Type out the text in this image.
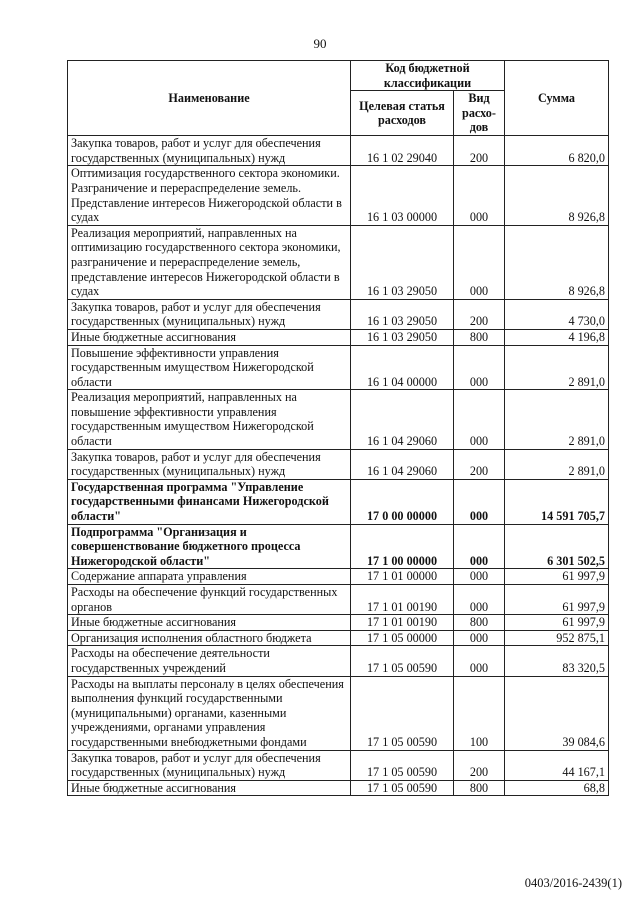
90
Наименование	Код бюджетной классификации		Сумма
	Целевая статья расходов	Вид расхо-дов	
Закупка товаров, работ и услуг для обеспечения государственных (муниципальных) нужд	16 1 02 29040	200	6 820,0
Оптимизация государственного сектора экономики. Разграничение и перераспределение земель. Представление интересов Нижегородской области в судах	16 1 03 00000	000	8 926,8
Реализация мероприятий, направленных на оптимизацию государственного сектора экономики, разграничение и перераспределение земель, представление интересов Нижегородской области в судах	16 1 03 29050	000	8 926,8
Закупка товаров, работ и услуг для обеспечения государственных (муниципальных) нужд	16 1 03 29050	200	4 730,0
Иные бюджетные ассигнования	16 1 03 29050	800	4 196,8
Повышение эффективности управления государственным имуществом Нижегородской области	16 1 04 00000	000	2 891,0
Реализация мероприятий, направленных на повышение эффективности управления государственным имуществом Нижегородской области	16 1 04 29060	000	2 891,0
Закупка товаров, работ и услуг для обеспечения государственных (муниципальных) нужд	16 1 04 29060	200	2 891,0
Государственная программа "Управление государственными финансами Нижегородской области"	17 0 00 00000	000	14 591 705,7
Подпрограмма "Организация и совершенствование бюджетного процесса Нижегородской области"	17 1 00 00000	000	6 301 502,5
Содержание аппарата управления	17 1 01 00000	000	61 997,9
Расходы на обеспечение функций государственных органов	17 1 01 00190	000	61 997,9
Иные бюджетные ассигнования	17 1 01 00190	800	61 997,9
Организация исполнения областного бюджета	17 1 05 00000	000	952 875,1
Расходы на обеспечение деятельности государственных учреждений	17 1 05 00590	000	83 320,5
Расходы на выплаты персоналу в целях обеспечения выполнения функций государственными (муниципальными) органами, казенными учреждениями, органами управления государственными внебюджетными фондами	17 1 05 00590	100	39 084,6
Закупка товаров, работ и услуг для обеспечения государственных (муниципальных) нужд	17 1 05 00590	200	44 167,1
Иные бюджетные ассигнования	17 1 05 00590	800	68,8
0403/2016-2439(1)
